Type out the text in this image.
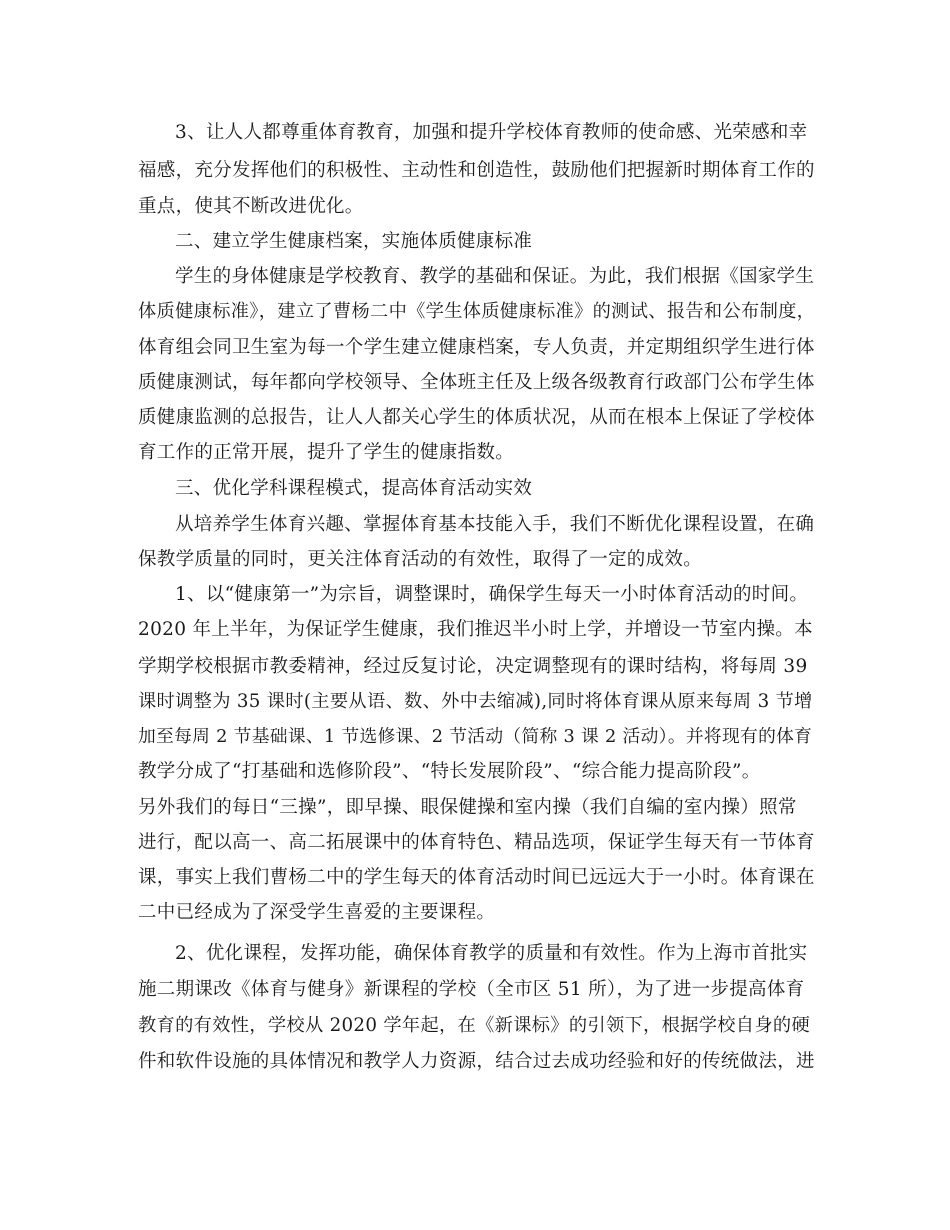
3、让人人都尊重体育教育，加强和提升学校体育教师的使命感、光荣感和幸
福感，充分发挥他们的积极性、主动性和创造性，鼓励他们把握新时期体育工作的
重点，使其不断改进优化。
二、建立学生健康档案，实施体质健康标准
学生的身体健康是学校教育、教学的基础和保证。为此，我们根据《国家学生
体质健康标准》，建立了曹杨二中《学生体质健康标准》的测试、报告和公布制度，
体育组会同卫生室为每一个学生建立健康档案，专人负责，并定期组织学生进行体
质健康测试，每年都向学校领导、全体班主任及上级各级教育行政部门公布学生体
质健康监测的总报告，让人人都关心学生的体质状况，从而在根本上保证了学校体
育工作的正常开展，提升了学生的健康指数。
三、优化学科课程模式，提高体育活动实效
从培养学生体育兴趣、掌握体育基本技能入手，我们不断优化课程设置，在确
保教学质量的同时，更关注体育活动的有效性，取得了一定的成效。
1、以“健康第一”为宗旨，调整课时，确保学生每天一小时体育活动的时间。
2020 年上半年，为保证学生健康，我们推迟半小时上学，并增设一节室内操。本
学期学校根据市教委精神，经过反复讨论，决定调整现有的课时结构，将每周 39
课时调整为 35 课时(主要从语、数、外中去缩减),同时将体育课从原来每周 3 节增
加至每周 2 节基础课、1 节选修课、2 节活动（简称 3 课 2 活动）。并将现有的体育
教学分成了“打基础和选修阶段”、“特长发展阶段”、“综合能力提高阶段”。
另外我们的每日“三操”，即早操、眼保健操和室内操（我们自编的室内操）照常
进行，配以高一、高二拓展课中的体育特色、精品选项，保证学生每天有一节体育
课，事实上我们曹杨二中的学生每天的体育活动时间已远远大于一小时。体育课在
二中已经成为了深受学生喜爱的主要课程。
2、优化课程，发挥功能，确保体育教学的质量和有效性。作为上海市首批实
施二期课改《体育与健身》新课程的学校（全市区 51 所），为了进一步提高体育
教育的有效性，学校从 2020 学年起，在《新课标》的引领下，根据学校自身的硬
件和软件设施的具体情况和教学人力资源，结合过去成功经验和好的传统做法，进
